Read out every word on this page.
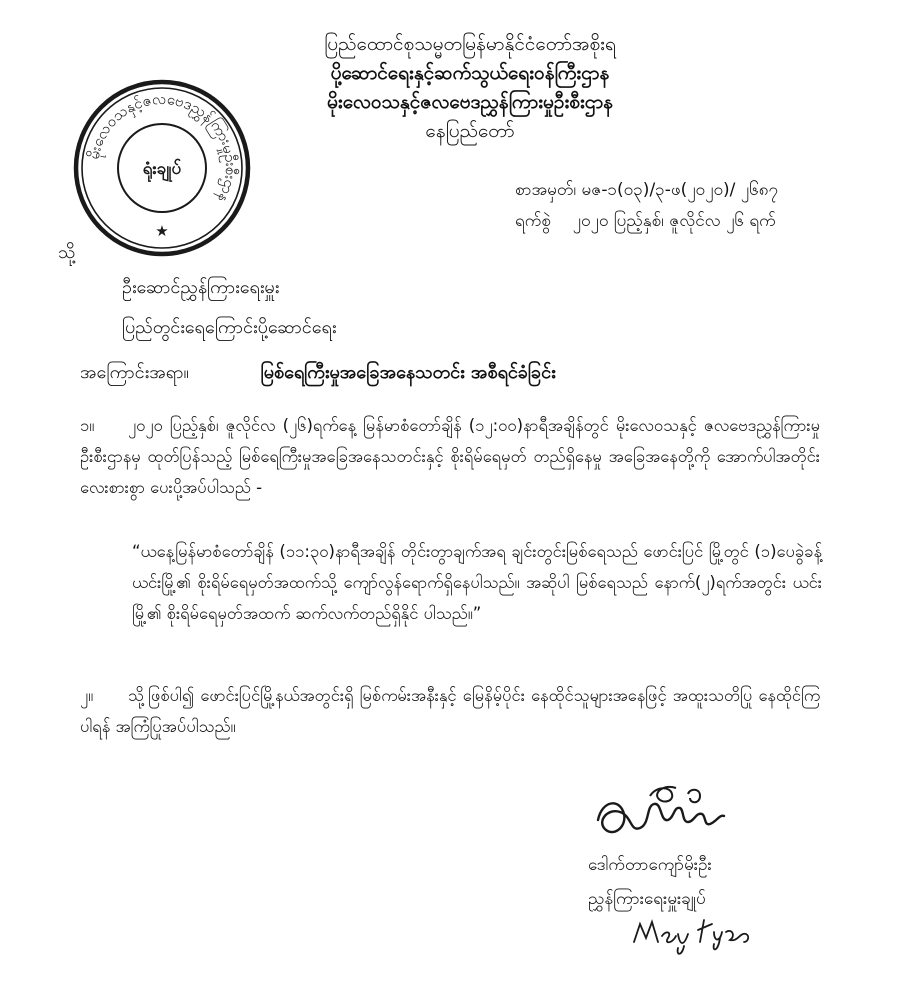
မိုးလေဝသနှင့်ဇလဗေဒညွှန်ကြားမှုဦးစီးဌာန
ရုံးချုပ်
★
ပြည်ထောင်စုသမ္မတမြန်မာနိုင်ငံတော်အစိုးရ
ပို့ဆောင်ရေးနှင့်ဆက်သွယ်ရေးဝန်ကြီးဌာန
မိုးလေဝသနှင့်ဇလဗေဒညွှန်ကြားမှုဦးစီးဌာန
နေပြည်တော်
စာအမှတ်၊ မဇ-၁(၀၃)/၃-ဖ(၂၀၂၀)/ ၂၆၈၇
ရက်စွဲ ၂၀၂၀ ပြည့်နှစ်၊ ဇူလိုင်လ ၂၆ ရက်
သို့
ဦးဆောင်ညွှန်ကြားရေးမှူး
ပြည်တွင်းရေကြောင်းပို့ဆောင်ရေး
အကြောင်းအရာ။	မြစ်ရေကြီးမှုအခြေအနေသတင်း အစီရင်ခံခြင်း
၁။ ၂၀၂၀ ပြည့်နှစ်၊ ဇူလိုင်လ (၂၆)ရက်နေ့ မြန်မာစံတော်ချိန် (၁၂:၀၀)နာရီအချိန်တွင် မိုးလေဝသနှင့် ဇလဗေဒညွှန်ကြားမှုဦးစီးဌာနမှ ထုတ်ပြန်သည့် မြစ်ရေကြီးမှုအခြေအနေသတင်းနှင့် စိုးရိမ်ရေမှတ် တည်ရှိနေမှု အခြေအနေတို့ကို အောက်ပါအတိုင်း လေးစားစွာ ပေးပို့အပ်ပါသည် -
“ယနေ့မြန်မာစံတော်ချိန် (၁၁:၃၀)နာရီအချိန် တိုင်းတွာချက်အရ ချင်းတွင်းမြစ်ရေသည် ဖောင်းပြင် မြို့တွင် (၁)ပေခွဲခန့် ယင်းမြို့၏ စိုးရိမ်ရေမှတ်အထက်သို့ ကျော်လွန်ရောက်ရှိနေပါသည်။ အဆိုပါ မြစ်ရေသည် နောက်(၂)ရက်အတွင်း ယင်းမြို့၏ စိုးရိမ်ရေမှတ်အထက် ဆက်လက်တည်ရှိနိုင် ပါသည်။”
၂။ သို့ဖြစ်ပါ၍ ဖောင်းပြင်မြို့နယ်အတွင်းရှိ မြစ်ကမ်းအနီးနှင့် မြေနိမ့်ပိုင်း နေထိုင်သူများအနေဖြင့် အထူးသတိပြု နေထိုင်ကြပါရန် အကြံပြုအပ်ပါသည်။
ဒေါက်တာကျော်မိုးဦး
ညွှန်ကြားရေးမှူးချုပ်
